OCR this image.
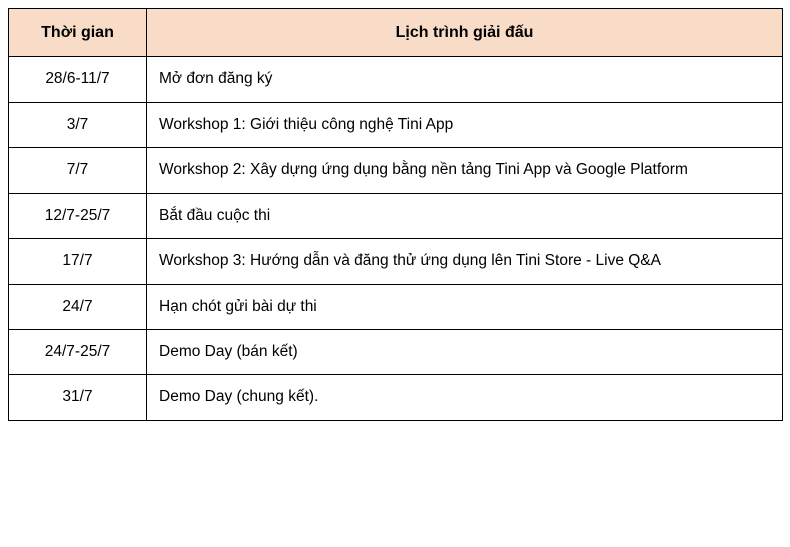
Thời gian	Lịch trình giải đấu
28/6-11/7	Mở đơn đăng ký
3/7	Workshop 1: Giới thiệu công nghệ Tini App
7/7	Workshop 2: Xây dựng ứng dụng bằng nền tảng Tini App và Google Platform
12/7-25/7	Bắt đầu cuộc thi
17/7	Workshop 3: Hướng dẫn và đăng thử ứng dụng lên Tini Store - Live Q&A
24/7	Hạn chót gửi bài dự thi
24/7-25/7	Demo Day (bán kết)
31/7	Demo Day (chung kết).
